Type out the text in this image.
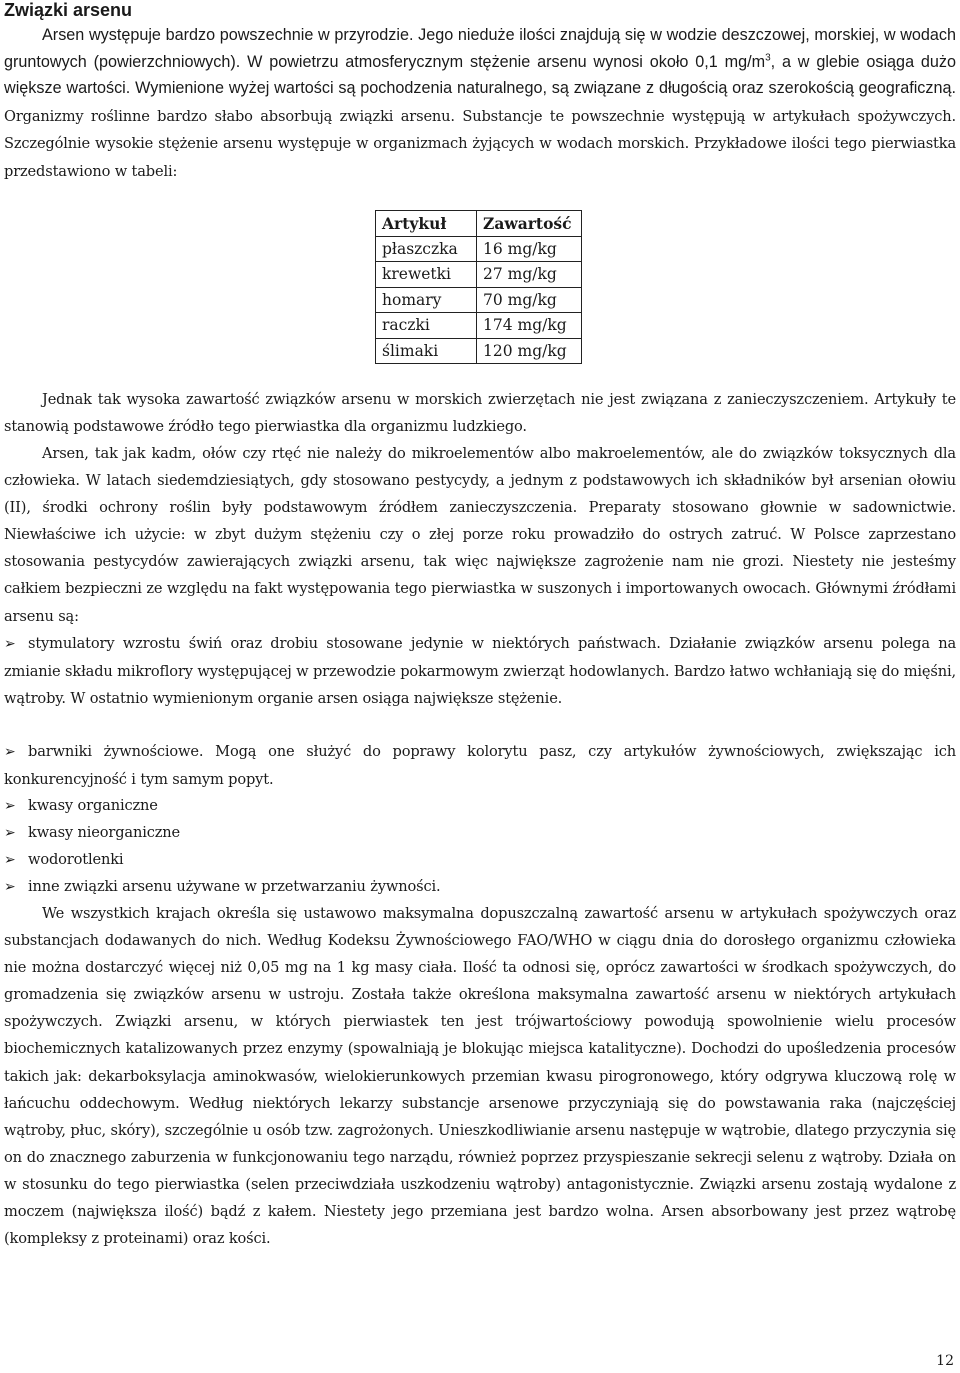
Związki arsenu

Arsen występuje bardzo powszechnie w przyrodzie. Jego nieduże ilości znajdują się w wodzie deszczowej, morskiej, w wodach gruntowych (powierzchniowych). W powietrzu atmosferycznym stężenie arsenu wynosi około 0,1 $mg/m^3$, a w glebie osiąga dużo większe wartości. Wymienione wyżej wartości są pochodzenia naturalnego, są związane z długością oraz szerokością geograficzną. Organizmy roślinne bardzo słabo absorbują związki arsenu. Substancje te powszechnie występują w artykułach spożywczych. Szczególnie wysokie stężenie arsenu występuje w organizmach żyjących w wodach morskich. Przykładowe ilości tego pierwiastka przedstawiono w tabeli:

Artykuł	Zawartość
płaszczka	16 mg/kg
krewetki	27 mg/kg
homary	70 mg/kg
raczki	174 mg/kg
ślimaki	120 mg/kg

Jednak tak wysoka zawartość związków arsenu w morskich zwierzętach nie jest związana z zanieczyszczeniem. Artykuły te stanowią podstawowe źródło tego pierwiastka dla organizmu ludzkiego.

Arsen, tak jak kadm, ołów czy rtęć nie należy do mikroelementów albo makroelementów, ale do związków toksycznych dla człowieka. W latach siedemdziesiątych, gdy stosowano pestycydy, a jednym z podstawowych ich składników był arsenian ołowiu (II), środki ochrony roślin były podstawowym źródłem zanieczyszczenia. Preparaty stosowano głownie w sadownictwie. Niewłaściwe ich użycie: w zbyt dużym stężeniu czy o złej porze roku prowadziło do ostrych zatruć. W Polsce zaprzestano stosowania pestycydów zawierających związki arsenu, tak więc największe zagrożenie nam nie grozi. Niestety nie jesteśmy całkiem bezpieczni ze względu na fakt występowania tego pierwiastka w suszonych i importowanych owocach. Głównymi źródłami arsenu są:

➢ stymulatory wzrostu świń oraz drobiu stosowane jedynie w niektórych państwach. Działanie związków arsenu polega na zmianie składu mikroflory występującej w przewodzie pokarmowym zwierząt hodowlanych. Bardzo łatwo wchłaniają się do mięśni, wątroby. W ostatnio wymienionym organie arsen osiąga największe stężenie.

➢ barwniki żywnościowe. Mogą one służyć do poprawy kolorytu pasz, czy artykułów żywnościowych, zwiększając ich konkurencyjność i tym samym popyt.

➢ kwasy organiczne

➢ kwasy nieorganiczne

➢ wodorotlenki

➢ inne związki arsenu używane w przetwarzaniu żywności.

We wszystkich krajach określa się ustawowo maksymalna dopuszczalną zawartość arsenu w artykułach spożywczych oraz substancjach dodawanych do nich. Według Kodeksu Żywnościowego FAO/WHO w ciągu dnia do dorosłego organizmu człowieka nie można dostarczyć więcej niż 0,05 mg na 1 kg masy ciała. Ilość ta odnosi się, oprócz zawartości w środkach spożywczych, do gromadzenia się związków arsenu w ustroju. Została także określona maksymalna zawartość arsenu w niektórych artykułach spożywczych. Związki arsenu, w których pierwiastek ten jest trójwartościowy powodują spowolnienie wielu procesów biochemicznych katalizowanych przez enzymy (spowalniają je blokując miejsca katalityczne). Dochodzi do upośledzenia procesów takich jak: dekarboksylacja aminokwasów, wielokierunkowych przemian kwasu pirogronowego, który odgrywa kluczową rolę w łańcuchu oddechowym. Według niektórych lekarzy substancje arsenowe przyczyniają się do powstawania raka (najczęściej wątroby, płuc, skóry), szczególnie u osób tzw. zagrożonych. Unieszkodliwianie arsenu następuje w wątrobie, dlatego przyczynia się on do znacznego zaburzenia w funkcjonowaniu tego narządu, również poprzez przyspieszanie sekrecji selenu z wątroby. Działa on w stosunku do tego pierwiastka (selen przeciwdziała uszkodzeniu wątroby) antagonistycznie. Związki arsenu zostają wydalone z moczem (największa ilość) bądź z kałem. Niestety jego przemiana jest bardzo wolna. Arsen absorbowany jest przez wątrobę (kompleksy z proteinami) oraz kości.

12
